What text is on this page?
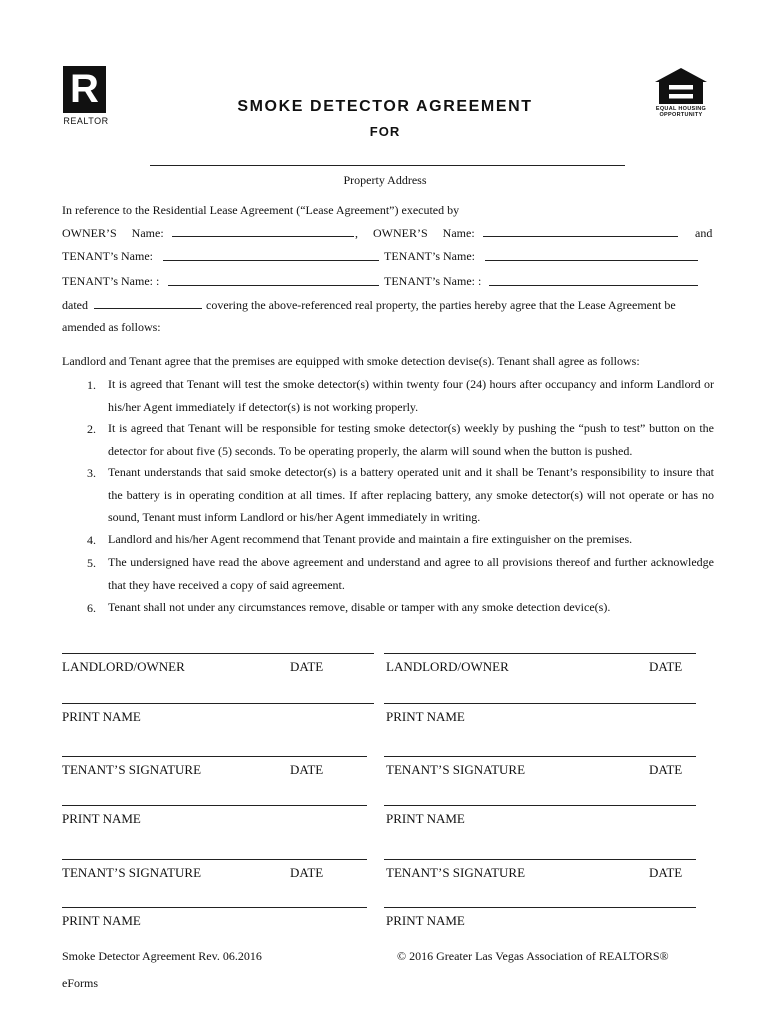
R
REALTOR
EQUAL HOUSING OPPORTUNITY
SMOKE DETECTOR AGREEMENT
FOR
Property Address
In reference to the Residential Lease Agreement (“Lease Agreement”) executed by
OWNER’S     Name:	, OWNER’S     Name:	and
TENANT’s Name:	TENANT’s Name:
TENANT’s Name: :	TENANT’s Name: :
dated	covering the above-referenced real property, the parties hereby agree that the Lease Agreement be
amended as follows:
Landlord and Tenant agree that the premises are equipped with smoke detection devise(s). Tenant shall agree as follows:
1. It is agreed that Tenant will test the smoke detector(s) within twenty four (24) hours after occupancy and inform Landlord or his/her Agent immediately if detector(s) is not working properly.
2. It is agreed that Tenant will be responsible for testing smoke detector(s) weekly by pushing the “push to test” button on the detector for about five (5) seconds. To be operating properly, the alarm will sound when the button is pushed.
3. Tenant understands that said smoke detector(s) is a battery operated unit and it shall be Tenant’s responsibility to insure that the battery is in operating condition at all times. If after replacing battery, any smoke detector(s) will not operate or has no sound, Tenant must inform Landlord or his/her Agent immediately in writing.
4. Landlord and his/her Agent recommend that Tenant provide and maintain a fire extinguisher on the premises.
5. The undersigned have read the above agreement and understand and agree to all provisions thereof and further acknowledge that they have received a copy of said agreement.
6. Tenant shall not under any circumstances remove, disable or tamper with any smoke detection device(s).
LANDLORD/OWNER	DATE	LANDLORD/OWNER	DATE
PRINT NAME	PRINT NAME
TENANT’S SIGNATURE	DATE	TENANT’S SIGNATURE	DATE
PRINT NAME	PRINT NAME
TENANT’S SIGNATURE	DATE	TENANT’S SIGNATURE	DATE
PRINT NAME	PRINT NAME
Smoke Detector Agreement Rev. 06.2016	© 2016 Greater Las Vegas Association of REALTORS®
eForms
